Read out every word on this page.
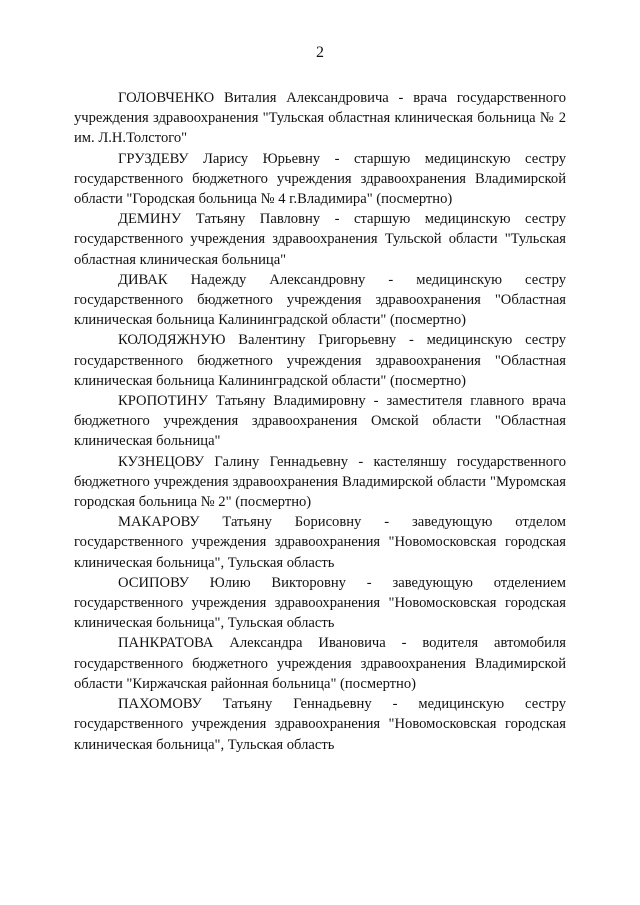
2

ГОЛОВЧЕНКО Виталия Александровича - врача государственного учреждения здравоохранения "Тульская областная клиническая больница № 2 им. Л.Н.Толстого"

ГРУЗДЕВУ Ларису Юрьевну - старшую медицинскую сестру государственного бюджетного учреждения здравоохранения Владимирской области "Городская больница № 4 г.Владимира" (посмертно)

ДЕМИНУ Татьяну Павловну - старшую медицинскую сестру государственного учреждения здравоохранения Тульской области "Тульская областная клиническая больница"

ДИВАК Надежду Александровну - медицинскую сестру государственного бюджетного учреждения здравоохранения "Областная клиническая больница Калининградской области" (посмертно)

КОЛОДЯЖНУЮ Валентину Григорьевну - медицинскую сестру государственного бюджетного учреждения здравоохранения "Областная клиническая больница Калининградской области" (посмертно)

КРОПОТИНУ Татьяну Владимировну - заместителя главного врача бюджетного учреждения здравоохранения Омской области "Областная клиническая больница"

КУЗНЕЦОВУ Галину Геннадьевну - кастеляншу государственного бюджетного учреждения здравоохранения Владимирской области "Муромская городская больница № 2" (посмертно)

МАКАРОВУ Татьяну Борисовну - заведующую отделом государственного учреждения здравоохранения "Новомосковская городская клиническая больница", Тульская область

ОСИПОВУ Юлию Викторовну - заведующую отделением государственного учреждения здравоохранения "Новомосковская городская клиническая больница", Тульская область

ПАНКРАТОВА Александра Ивановича - водителя автомобиля государственного бюджетного учреждения здравоохранения Владимирской области "Киржачская районная больница" (посмертно)

ПАХОМОВУ Татьяну Геннадьевну - медицинскую сестру государственного учреждения здравоохранения "Новомосковская городская клиническая больница", Тульская область
